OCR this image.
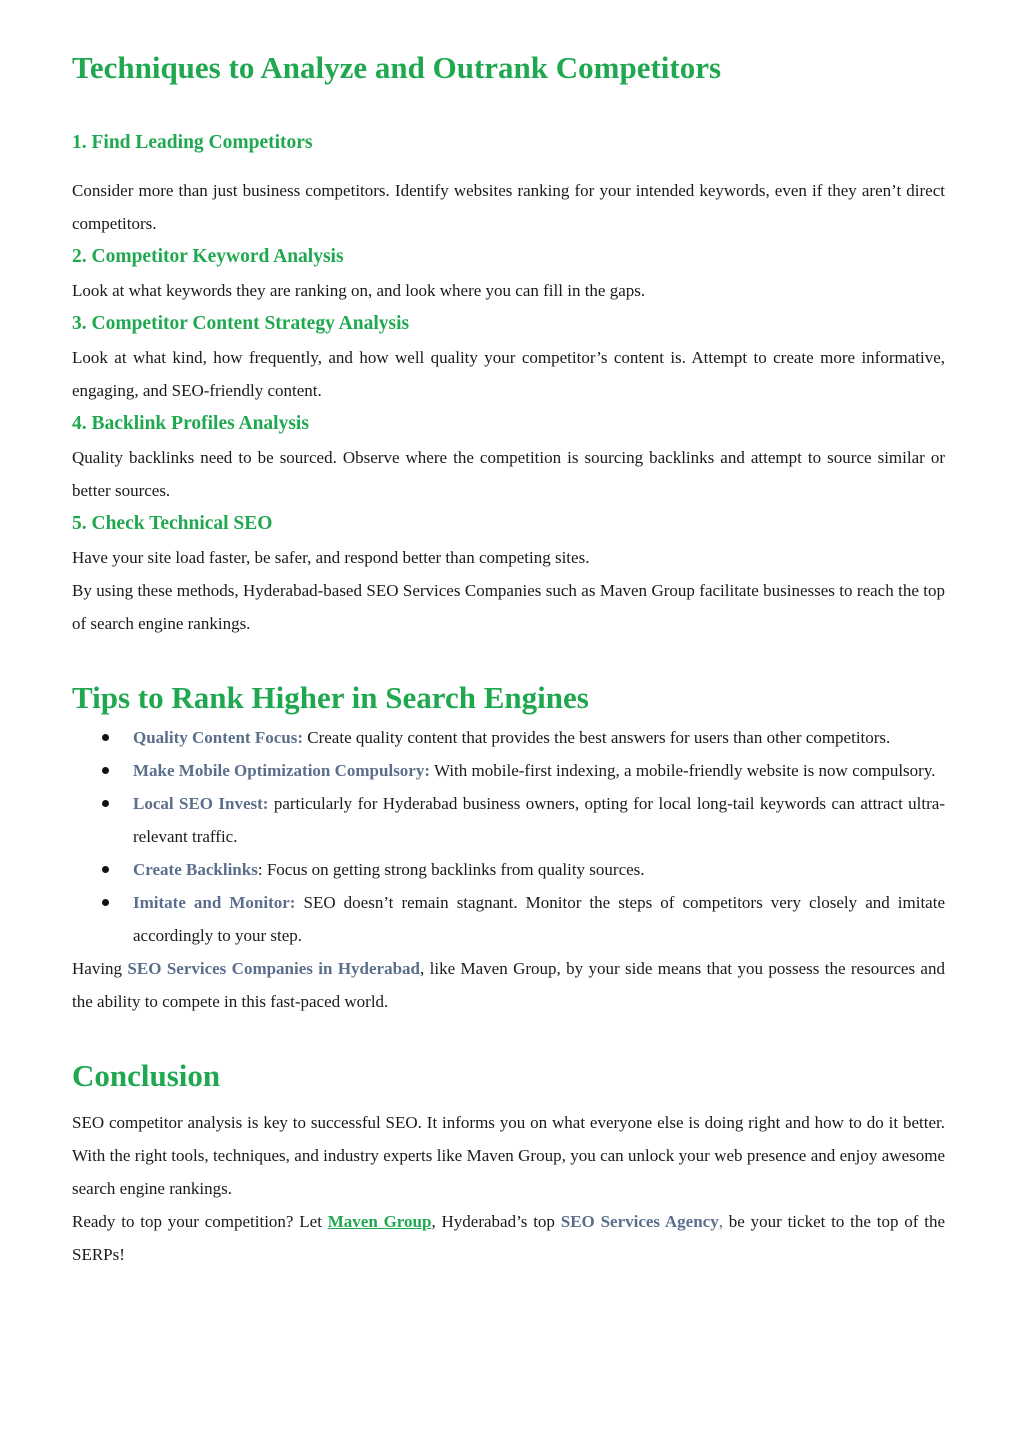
Techniques to Analyze and Outrank Competitors
1. Find Leading Competitors

Consider more than just business competitors. Identify websites ranking for your intended keywords, even if they aren’t direct competitors.

2. Competitor Keyword Analysis

Look at what keywords they are ranking on, and look where you can fill in the gaps.

3. Competitor Content Strategy Analysis

Look at what kind, how frequently, and how well quality your competitor’s content is. Attempt to create more informative, engaging, and SEO-friendly content.

4. Backlink Profiles Analysis

Quality backlinks need to be sourced. Observe where the competition is sourcing backlinks and attempt to source similar or better sources.

5. Check Technical SEO

Have your site load faster, be safer, and respond better than competing sites.

By using these methods, Hyderabad-based SEO Services Companies such as Maven Group facilitate businesses to reach the top of search engine rankings.

Tips to Rank Higher in Search Engines
Quality Content Focus: Create quality content that provides the best answers for users than other competitors.
Make Mobile Optimization Compulsory: With mobile-first indexing, a mobile-friendly website is now compulsory.
Local SEO Invest: particularly for Hyderabad business owners, opting for local long-tail keywords can attract ultra-relevant traffic.
Create Backlinks: Focus on getting strong backlinks from quality sources.
Imitate and Monitor: SEO doesn’t remain stagnant. Monitor the steps of competitors very closely and imitate accordingly to your step.

Having SEO Services Companies in Hyderabad, like Maven Group, by your side means that you possess the resources and the ability to compete in this fast-paced world.

Conclusion

SEO competitor analysis is key to successful SEO. It informs you on what everyone else is doing right and how to do it better. With the right tools, techniques, and industry experts like Maven Group, you can unlock your web presence and enjoy awesome search engine rankings.

Ready to top your competition? Let Maven Group, Hyderabad’s top SEO Services Agency, be your ticket to the top of the SERPs!
